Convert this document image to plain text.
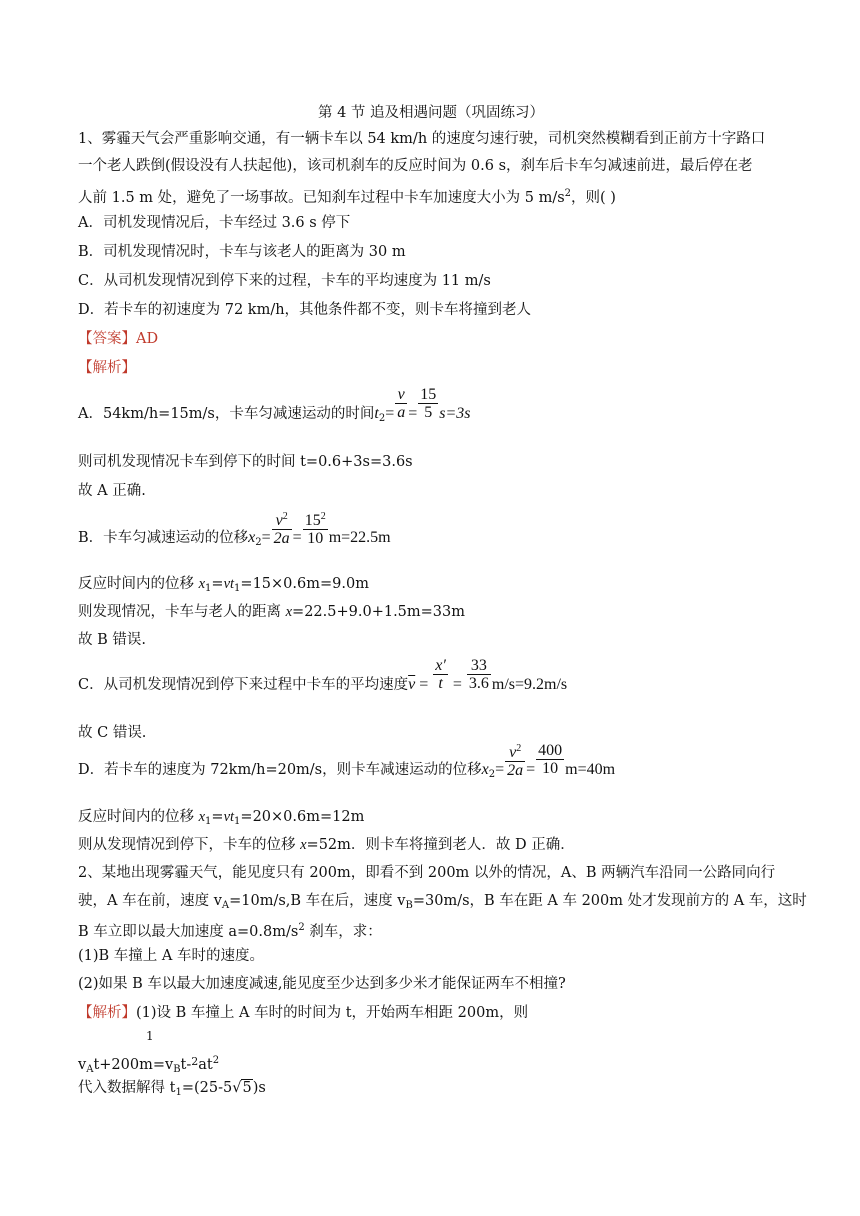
第 4 节 追及相遇问题（巩固练习）
1、雾霾天气会严重影响交通，有一辆卡车以 54 km/h 的速度匀速行驶，司机突然模糊看到正前方十字路口
一个老人跌倒(假设没有人扶起他)，该司机刹车的反应时间为 0.6 s，刹车后卡车匀减速前进，最后停在老
人前 1.5 m 处，避免了一场事故。已知刹车过程中卡车加速度大小为 5 $m/s^2$，则( )
A．司机发现情况后，卡车经过 3.6 s 停下
B．司机发现情况时，卡车与该老人的距离为 30 m
C．从司机发现情况到停下来的过程，卡车的平均速度为 11 m/s
D．若卡车的初速度为 72 km/h，其他条件都不变，则卡车将撞到老人
【答案】AD
【解析】
A．54km/h=15m/s，卡车匀减速运动的时间$t_2= \frac{v}{a} = \frac{15}{5} s=3s$
则司机发现情况卡车到停下的时间 t=0.6+3s=3.6s
故 A 正确.
B．卡车匀减速运动的位移$x_2= \frac{v^2}{2a} = \frac{15^2}{10} m=22.5m$
反应时间内的位移 $x_1=vt_1=15\times 0.6m=9.0m$
则发现情况，卡车与老人的距离 x=22.5+9.0+1.5m=33m
故 B 错误.
C．从司机发现情况到停下来过程中卡车的平均速度$\overline{v} = \frac{x'}{t} = \frac{33}{3.6} m/s=9.2m/s$
故 C 错误.
D．若卡车的速度为 72km/h=20m/s，则卡车减速运动的位移$x_2= \frac{v^2}{2a} = \frac{400}{10} m=40m$
反应时间内的位移 $x_1=vt_1=20\times 0.6m=12m$
则从发现情况到停下，卡车的位移 x=52m．则卡车将撞到老人．故 D 正确．
2、某地出现雾霾天气，能见度只有 200m，即看不到 200m 以外的情况，A、B 两辆汽车沿同一公路同向行
驶，A 车在前，速度 $v_A=10m/s,B$ 车在后，速度 $v_B=30m/s$，B 车在距 A 车 200m 处才发现前方的 A 车，这时
B 车立即以最大加速度 $a=0.8m/s^2$ 刹车，求：
(1)B 车撞上 A 车时的速度。
(2)如果 B 车以最大加速度减速,能见度至少达到多少米才能保证两车不相撞?
【解析】(1)设 B 车撞上 A 车时的时间为 t，开始两车相距 200m，则
1
$v_At+200m=v_Bt-^2at^2$
代入数据解得 $t_1=(25-5√5)s$
